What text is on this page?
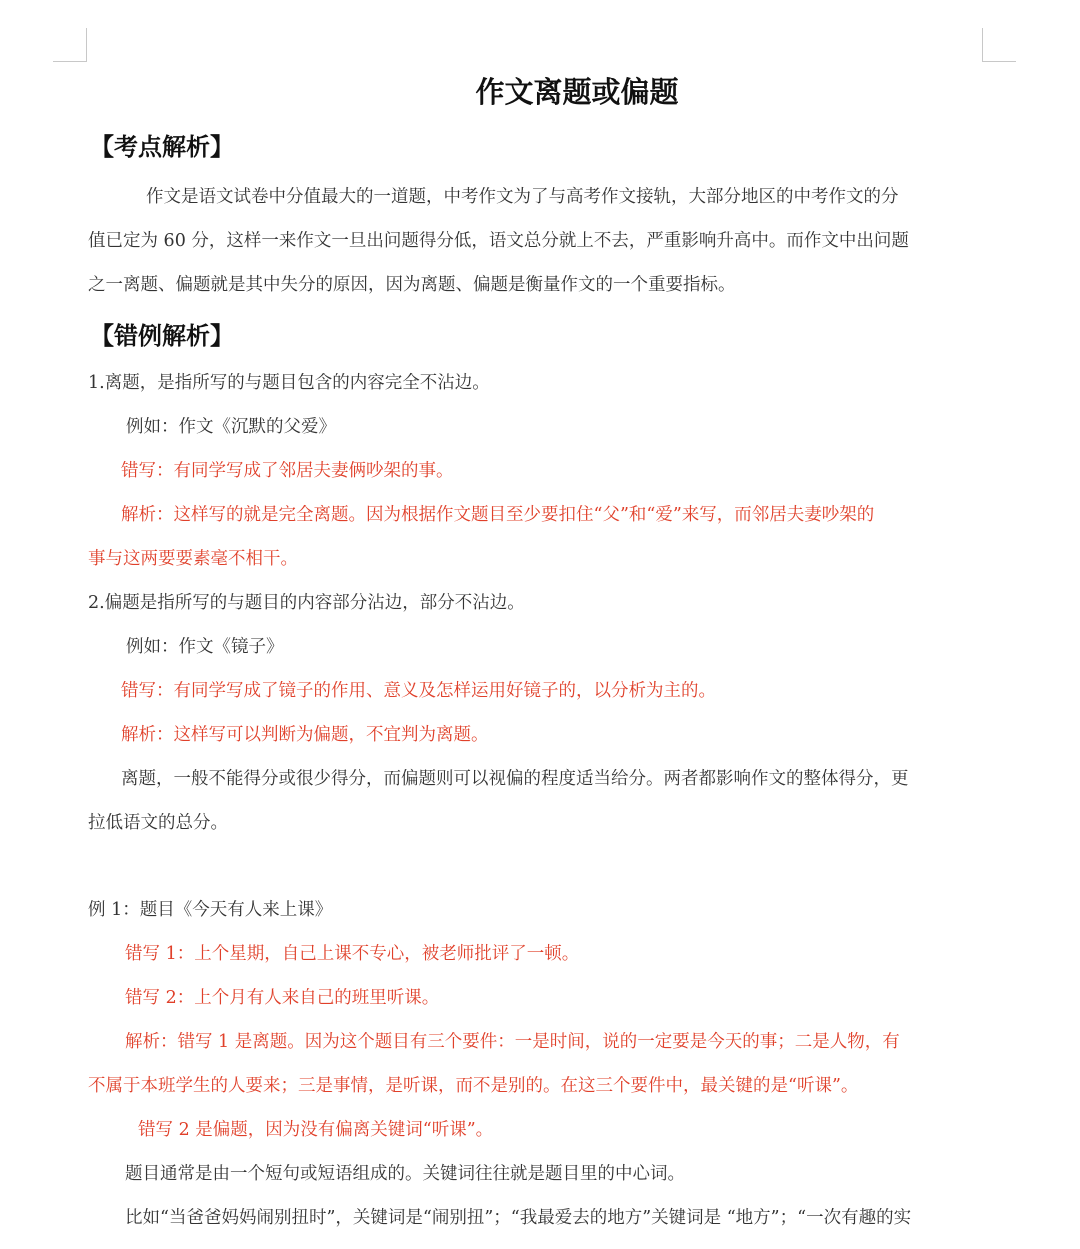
作文离题或偏题
【考点解析】
作文是语文试卷中分值最大的一道题，中考作文为了与高考作文接轨，大部分地区的中考作文的分
值已定为 60 分，这样一来作文一旦出问题得分低，语文总分就上不去，严重影响升高中。而作文中出问题
之一离题、偏题就是其中失分的原因，因为离题、偏题是衡量作文的一个重要指标。
【错例解析】
1.离题，是指所写的与题目包含的内容完全不沾边。
例如：作文《沉默的父爱》
错写：有同学写成了邻居夫妻俩吵架的事。
解析：这样写的就是完全离题。因为根据作文题目至少要扣住“父”和“爱”来写，而邻居夫妻吵架的
事与这两要要素毫不相干。
2.偏题是指所写的与题目的内容部分沾边，部分不沾边。
例如：作文《镜子》
错写：有同学写成了镜子的作用、意义及怎样运用好镜子的，以分析为主的。
解析：这样写可以判断为偏题，不宜判为离题。
离题，一般不能得分或很少得分，而偏题则可以视偏的程度适当给分。两者都影响作文的整体得分，更
拉低语文的总分。
例 1：题目《今天有人来上课》
错写 1：上个星期，自己上课不专心，被老师批评了一顿。
错写 2：上个月有人来自己的班里听课。
解析：错写 1 是离题。因为这个题目有三个要件：一是时间，说的一定要是今天的事；二是人物，有
不属于本班学生的人要来；三是事情，是听课，而不是别的。在这三个要件中，最关键的是“听课”。
错写 2 是偏题，因为没有偏离关键词“听课”。
题目通常是由一个短句或短语组成的。关键词往往就是题目里的中心词。
比如“当爸爸妈妈闹别扭时”，关键词是“闹别扭”；“我最爱去的地方”关键词是 “地方”；“一次有趣的实
